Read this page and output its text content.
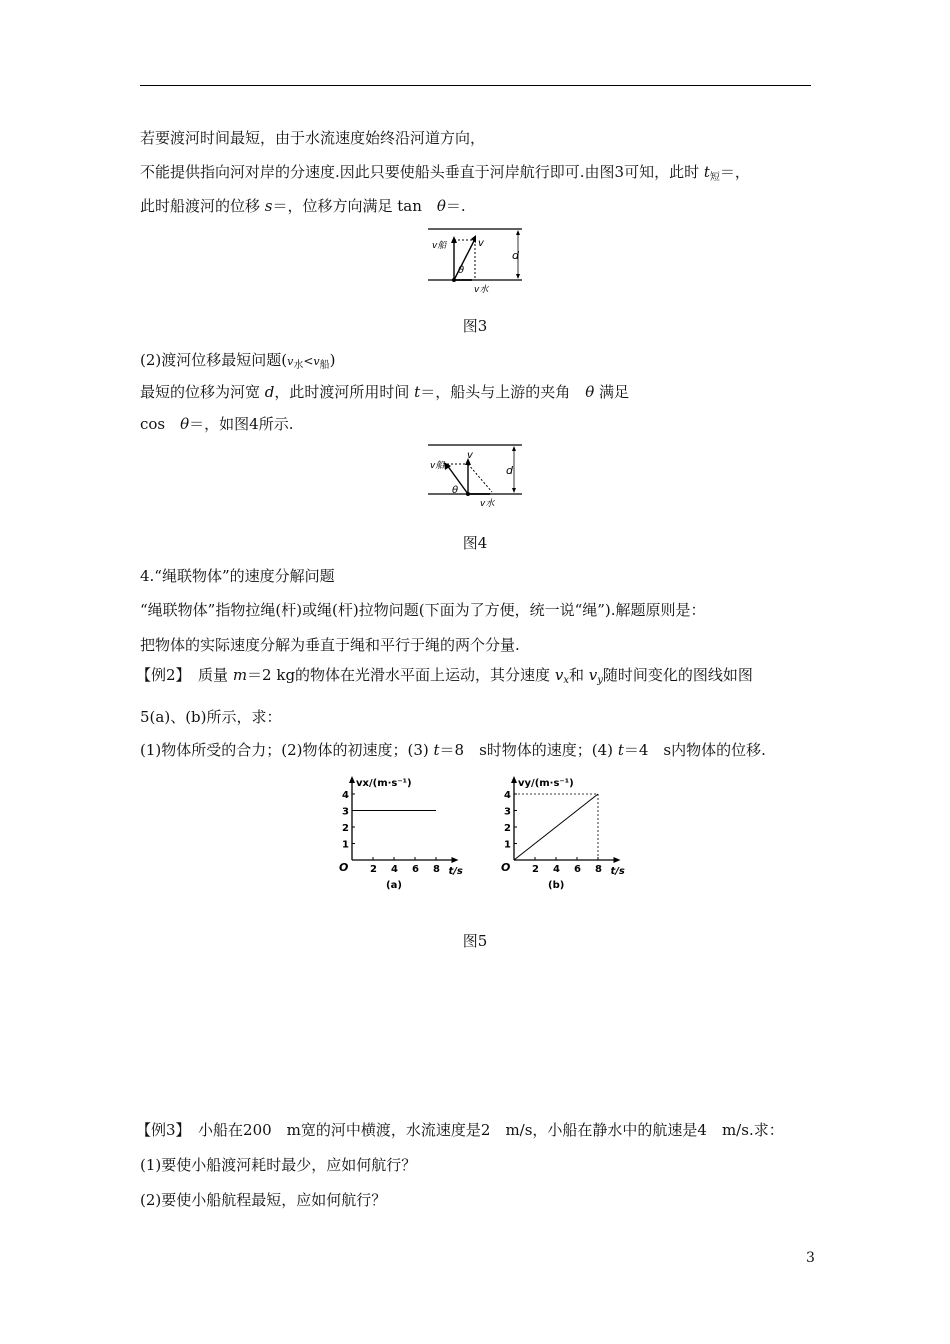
若要渡河时间最短，由于水流速度始终沿河道方向，
不能提供指向河对岸的分速度.因此只要使船头垂直于河岸航行即可.由图3可知，此时 $t_短=$，
此时船渡河的位移 s＝，位移方向满足 tan　θ＝.
v船	v
θ
v水
d
图3
(2)渡河位移最短问题$(v_水<v_船)$
最短的位移为河宽 d，此时渡河所用时间 t＝，船头与上游的夹角　θ 满足
cos　θ＝，如图4所示.
v船
v
θ
v水
d
图4
4.“绳联物体”的速度分解问题
“绳联物体”指物拉绳(杆)或绳(杆)拉物问题(下面为了方便，统一说“绳”).解题原则是：
把物体的实际速度分解为垂直于绳和平行于绳的两个分量.
【例2】　质量 m＝2 kg的物体在光滑水平面上运动，其分速度 $v_x$和 $v_y$随时间变化的图线如图
5(a)、(b)所示，求：
(1)物体所受的合力；(2)物体的初速度；(3) t＝8　s时物体的速度；(4) t＝4　s内物体的位移.
vx/(m·s⁻¹)
t/s
O 2 4 6 8
1
2
3
4
(a)
vy/(m·s⁻¹)
t/s
O 2 4 6 8
1
2
3
4
(b)
图5
【例3】　小船在200　m宽的河中横渡，水流速度是2　m/s，小船在静水中的航速是4　m/s.求：
(1)要使小船渡河耗时最少，应如何航行？
(2)要使小船航程最短，应如何航行？
3
